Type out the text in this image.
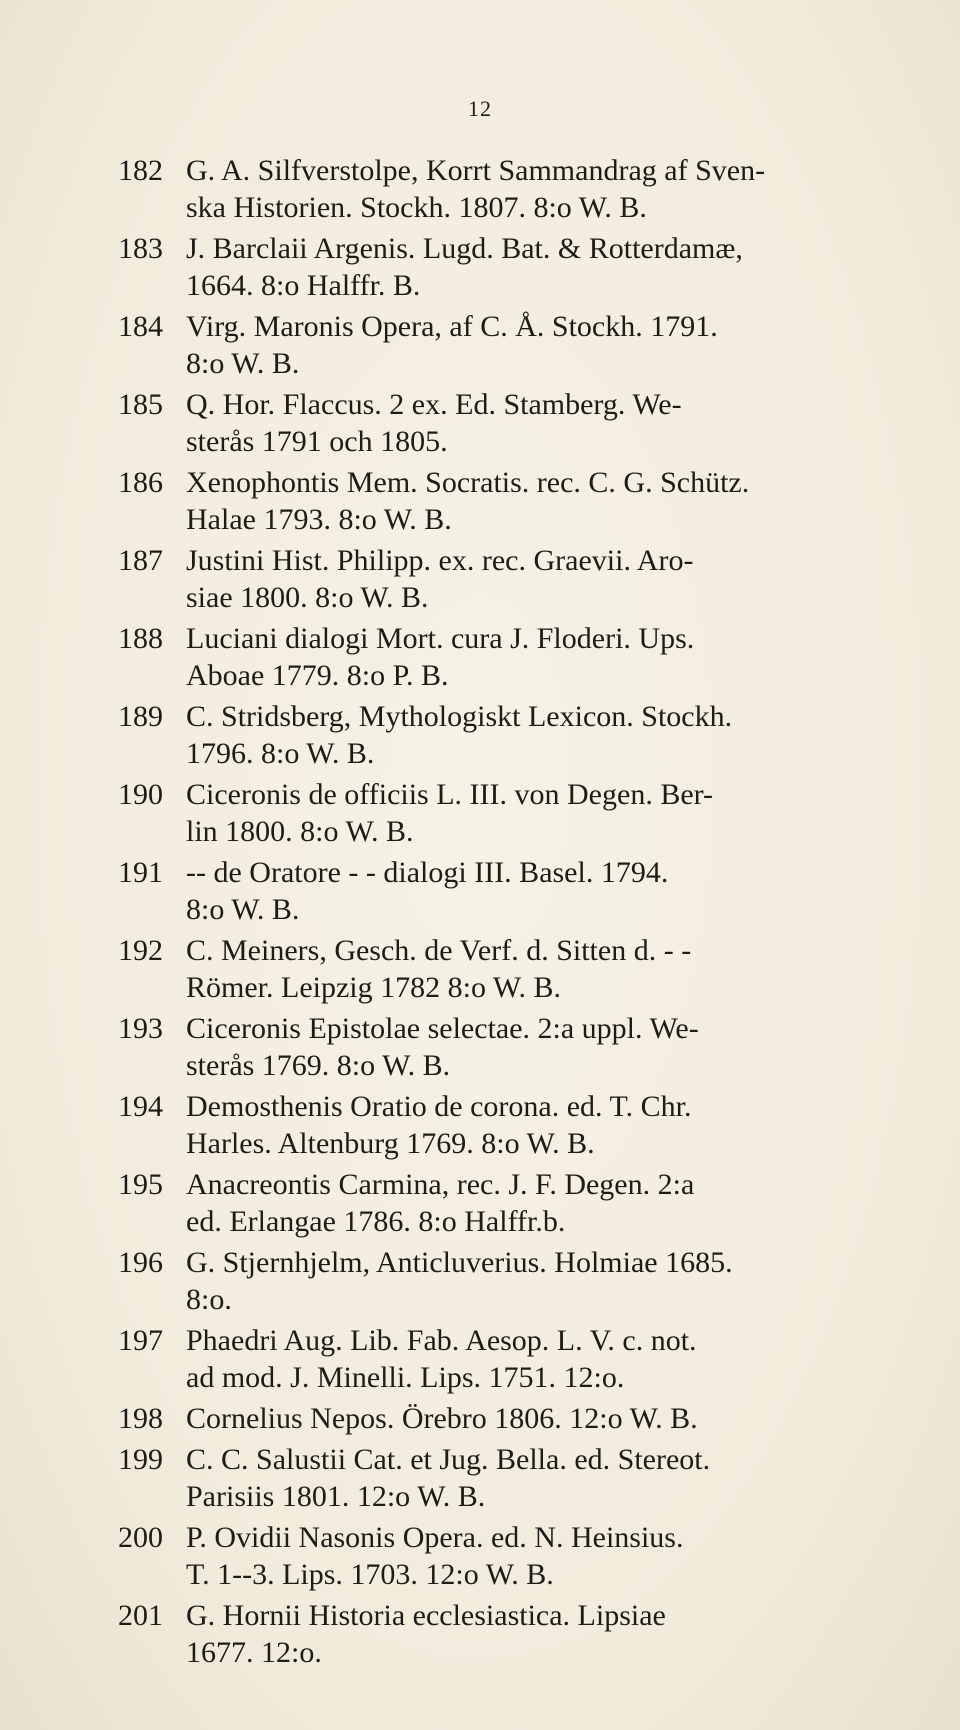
12
182 G. A. Silfverstolpe, Korrt Sammandrag af Sven-
ska Historien. Stockh. 1807. 8:o W. B.
183 J. Barclaii Argenis. Lugd. Bat. & Rotterdamæ,
1664. 8:o Halffr. B.
184 Virg. Maronis Opera, af C. Å. Stockh. 1791.
8:o W. B.
185 Q. Hor. Flaccus. 2 ex. Ed. Stamberg. We-
sterås 1791 och 1805.
186 Xenophontis Mem. Socratis. rec. C. G. Schütz.
Halae 1793. 8:o W. B.
187 Justini Hist. Philipp. ex. rec. Graevii. Aro-
siae 1800. 8:o W. B.
188 Luciani dialogi Mort. cura J. Floderi. Ups.
Aboae 1779. 8:o P. B.
189 C. Stridsberg, Mythologiskt Lexicon. Stockh.
1796. 8:o W. B.
190 Ciceronis de officiis L. III. von Degen. Ber-
lin 1800. 8:o W. B.
191 -- de Oratore - - dialogi III. Basel. 1794.
8:o W. B.
192 C. Meiners, Gesch. de Verf. d. Sitten d. - -
Römer. Leipzig 1782 8:o W. B.
193 Ciceronis Epistolae selectae. 2:a uppl. We-
sterås 1769. 8:o W. B.
194 Demosthenis Oratio de corona. ed. T. Chr.
Harles. Altenburg 1769. 8:o W. B.
195 Anacreontis Carmina, rec. J. F. Degen. 2:a
ed. Erlangae 1786. 8:o Halffr.b.
196 G. Stjernhjelm, Anticluverius. Holmiae 1685.
8:o.
197 Phaedri Aug. Lib. Fab. Aesop. L. V. c. not.
ad mod. J. Minelli. Lips. 1751. 12:o.
198 Cornelius Nepos. Örebro 1806. 12:o W. B.
199 C. C. Salustii Cat. et Jug. Bella. ed. Stereot.
Parisiis 1801. 12:o W. B.
200 P. Ovidii Nasonis Opera. ed. N. Heinsius.
T. 1--3. Lips. 1703. 12:o W. B.
201 G. Hornii Historia ecclesiastica. Lipsiae
1677. 12:o.
